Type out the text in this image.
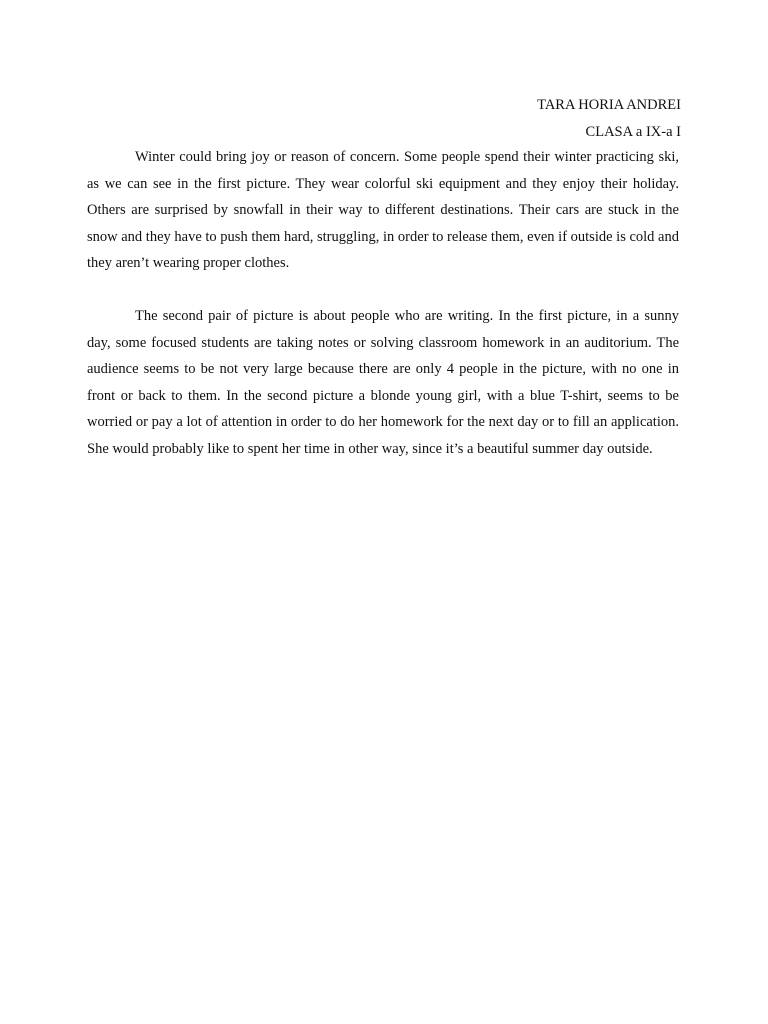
TARA HORIA ANDREI
CLASA a IX-a I

Winter could bring joy or reason of concern. Some people spend their winter practicing ski, as we can see in the first picture. They wear colorful ski equipment and they enjoy their holiday. Others are surprised by snowfall in their way to different destinations. Their cars are stuck in the snow and they have to push them hard, struggling, in order to release them, even if outside is cold and they aren’t wearing proper clothes.

The second pair of picture is about people who are writing. In the first picture, in a sunny day, some focused students are taking notes or solving classroom homework in an auditorium. The audience seems to be not very large because there are only 4 people in the picture, with no one in front or back to them. In the second picture a blonde young girl, with a blue T-shirt, seems to be worried or pay a lot of attention in order to do her homework for the next day or to fill an application. She would probably like to spent her time in other way, since it’s a beautiful summer day outside.
